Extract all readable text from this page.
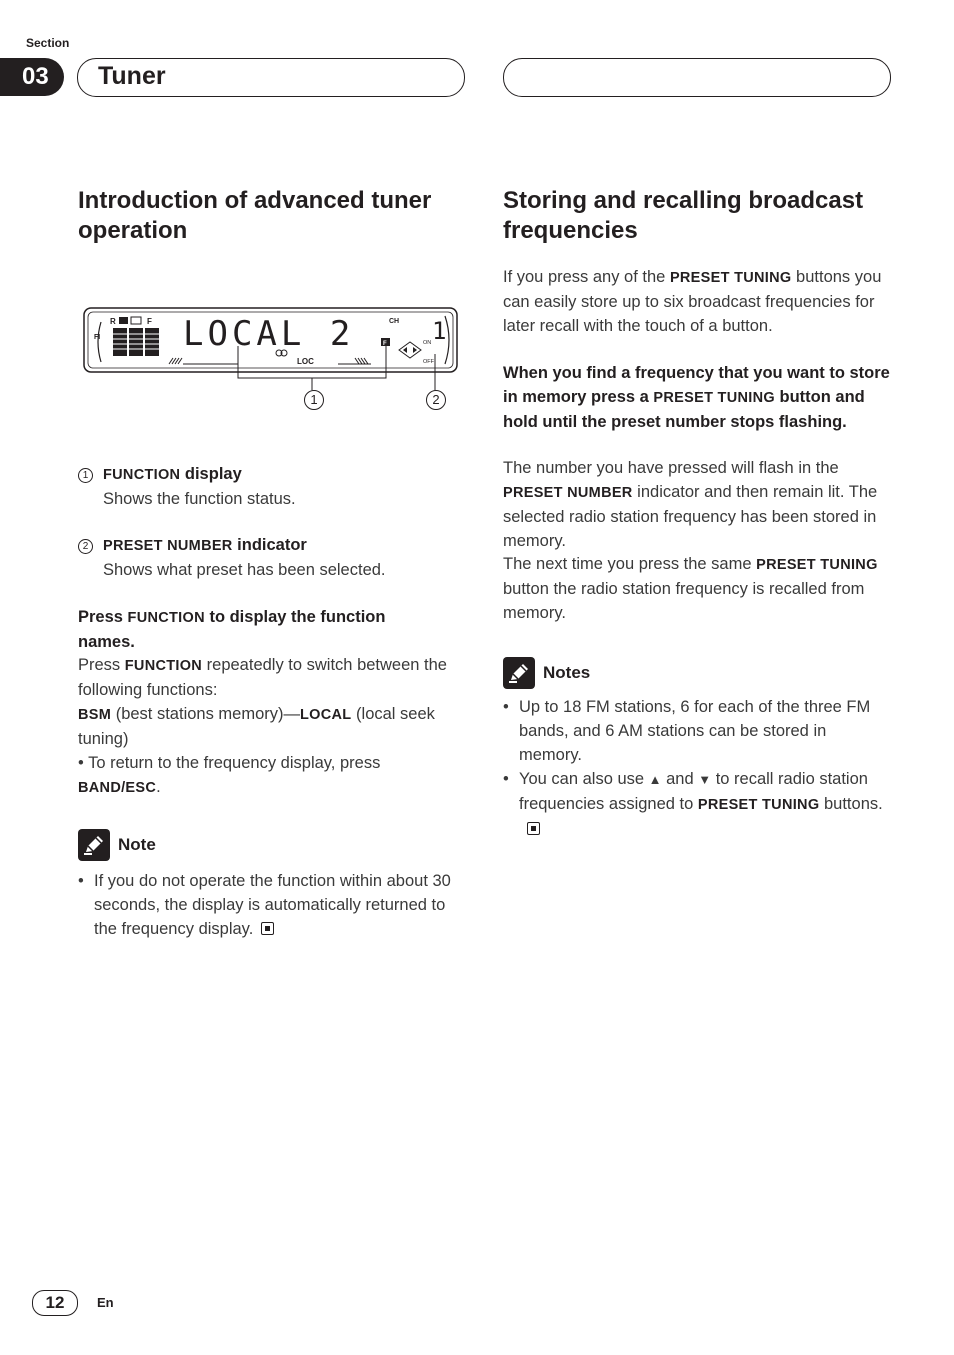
Section
03	Tuner
Introduction of advanced tuner operation
FI
R	F LOCAL 2	CH
LOC
F	ON
OFF
1
1	2
1 FUNCTION display
Shows the function status.
2 PRESET NUMBER indicator
Shows what preset has been selected.
Press FUNCTION to display the function names.
Press FUNCTION repeatedly to switch between the following functions:
BSM (best stations memory)—LOCAL (local seek tuning)
• To return to the frequency display, press BAND/ESC.
Note
• If you do not operate the function within about 30 seconds, the display is automatically returned to the frequency display.
Storing and recalling broadcast frequencies
If you press any of the PRESET TUNING buttons you can easily store up to six broadcast frequencies for later recall with the touch of a button.
When you find a frequency that you want to store in memory press a PRESET TUNING button and hold until the preset number stops flashing.
The number you have pressed will flash in the PRESET NUMBER indicator and then remain lit. The selected radio station frequency has been stored in memory.
The next time you press the same PRESET TUNING button the radio station frequency is recalled from memory.
Notes
• Up to 18 FM stations, 6 for each of the three FM bands, and 6 AM stations can be stored in memory.
• You can also use ▲ and ▼ to recall radio station frequencies assigned to PRESET TUNING buttons.
12	En
